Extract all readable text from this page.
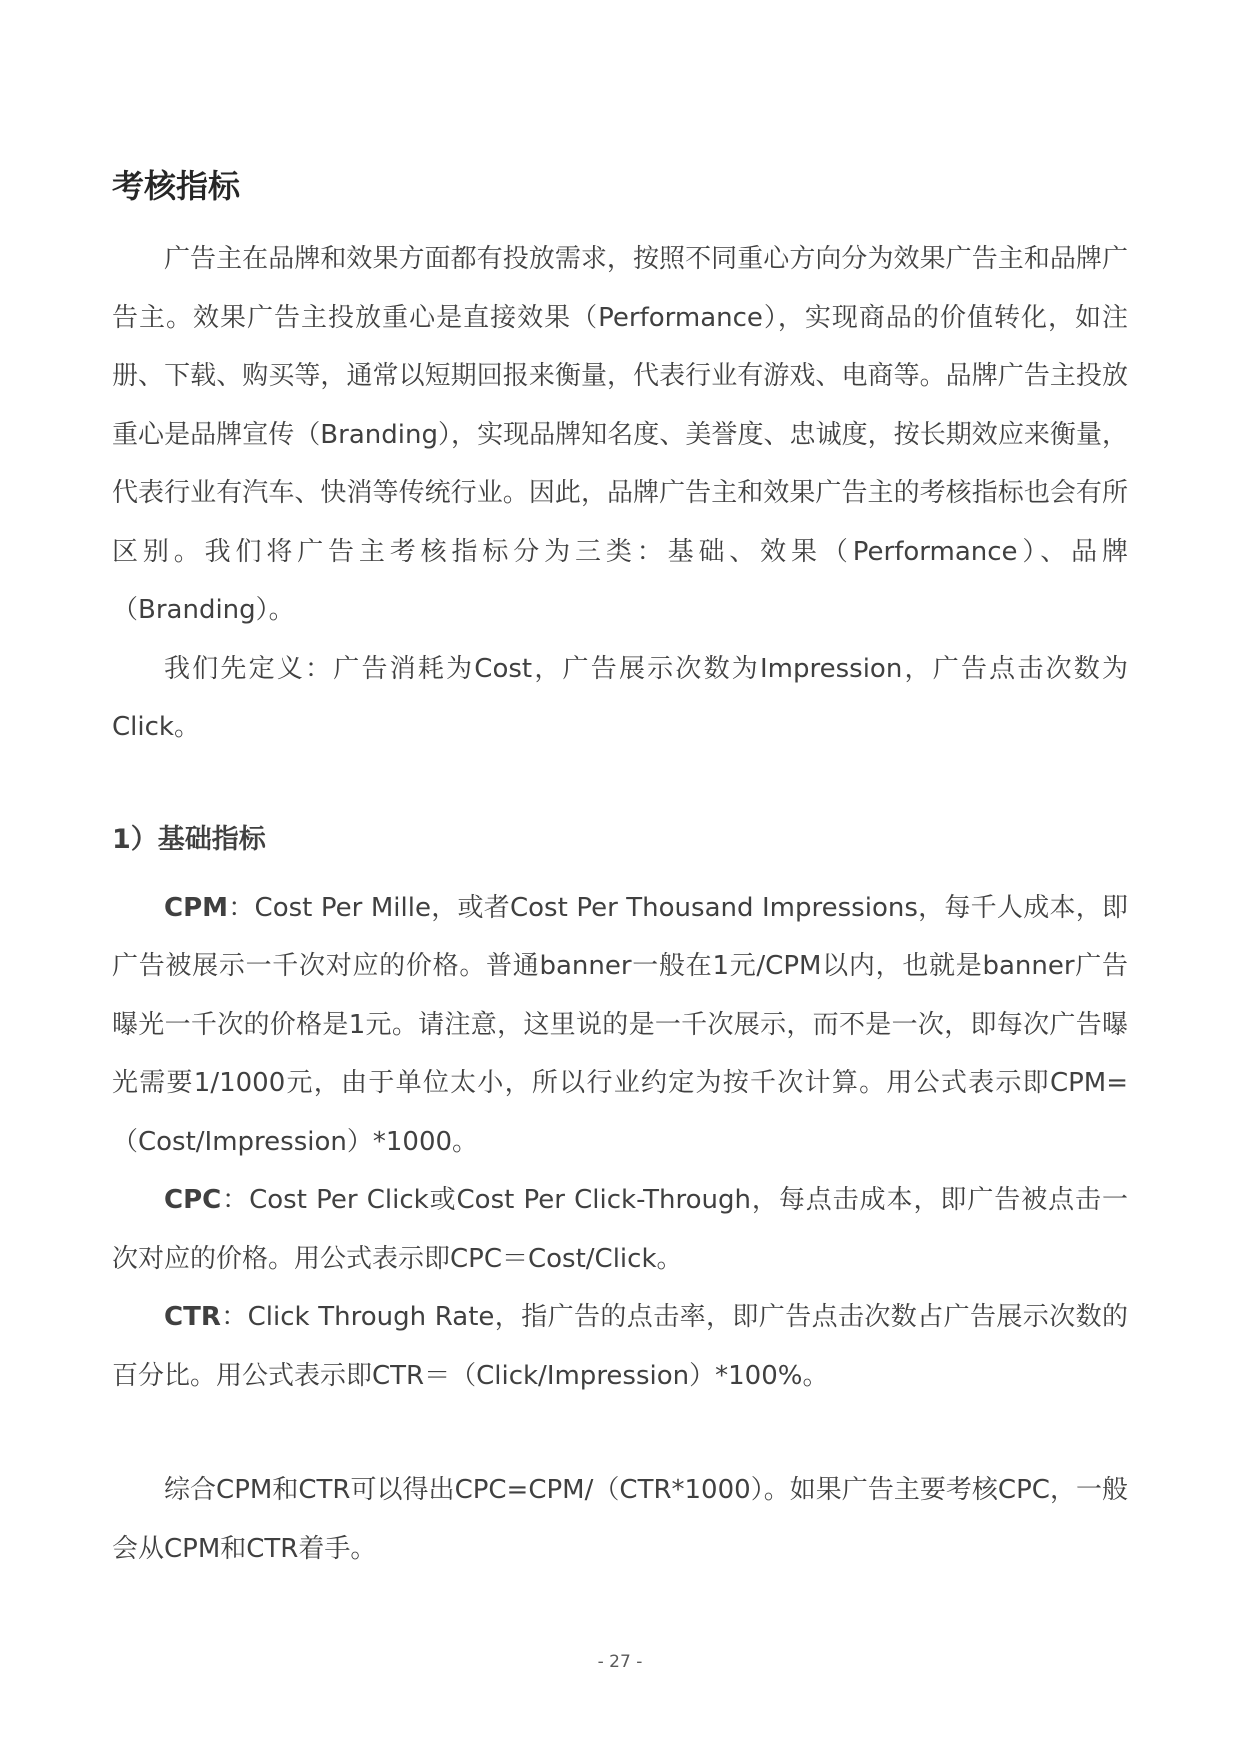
考核指标

广告主在品牌和效果方面都有投放需求，按照不同重心方向分为效果广告主和品牌广告主。效果广告主投放重心是直接效果（Performance），实现商品的价值转化，如注册、下载、购买等，通常以短期回报来衡量，代表行业有游戏、电商等。品牌广告主投放重心是品牌宣传（Branding），实现品牌知名度、美誉度、忠诚度，按长期效应来衡量，代表行业有汽车、快消等传统行业。因此，品牌广告主和效果广告主的考核指标也会有所区别。我们将广告主考核指标分为三类：基础、效果（Performance）、品牌（Branding）。

我们先定义：广告消耗为Cost，广告展示次数为Impression，广告点击次数为Click。

1）基础指标

CPM：Cost Per Mille，或者Cost Per Thousand Impressions，每千人成本，即广告被展示一千次对应的价格。普通banner一般在1元/CPM以内，也就是banner广告曝光一千次的价格是1元。请注意，这里说的是一千次展示，而不是一次，即每次广告曝光需要1/1000元，由于单位太小，所以行业约定为按千次计算。用公式表示即CPM=（Cost/Impression）*1000。

CPC：Cost Per Click或Cost Per Click-Through，每点击成本，即广告被点击一次对应的价格。用公式表示即CPC＝Cost/Click。

CTR：Click Through Rate，指广告的点击率，即广告点击次数占广告展示次数的百分比。用公式表示即CTR＝（Click/Impression）*100%。

综合CPM和CTR可以得出CPC=CPM/（CTR*1000）。如果广告主要考核CPC，一般会从CPM和CTR着手。

- 27 -
